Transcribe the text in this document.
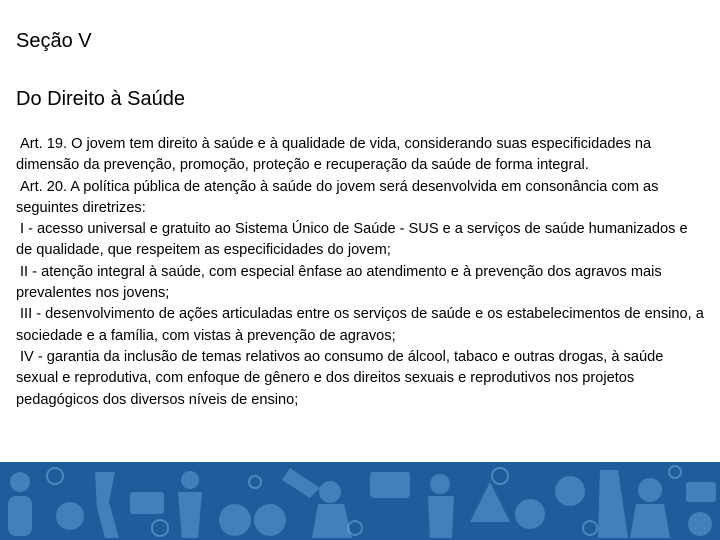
Seção V
Do Direito à Saúde

Art. 19. O jovem tem direito à saúde e à qualidade de vida, considerando suas especificidades na dimensão da prevenção, promoção, proteção e recuperação da saúde de forma integral.

Art. 20. A política pública de atenção à saúde do jovem será desenvolvida em consonância com as seguintes diretrizes:

I - acesso universal e gratuito ao Sistema Único de Saúde - SUS e a serviços de saúde humanizados e de qualidade, que respeitem as especificidades do jovem;

II - atenção integral à saúde, com especial ênfase ao atendimento e à prevenção dos agravos mais prevalentes nos jovens;

III - desenvolvimento de ações articuladas entre os serviços de saúde e os estabelecimentos de ensino, a sociedade e a família, com vistas à prevenção de agravos;

IV - garantia da inclusão de temas relativos ao consumo de álcool, tabaco e outras drogas, à saúde sexual e reprodutiva, com enfoque de gênero e dos direitos sexuais e reprodutivos nos projetos pedagógicos dos diversos níveis de ensino;
